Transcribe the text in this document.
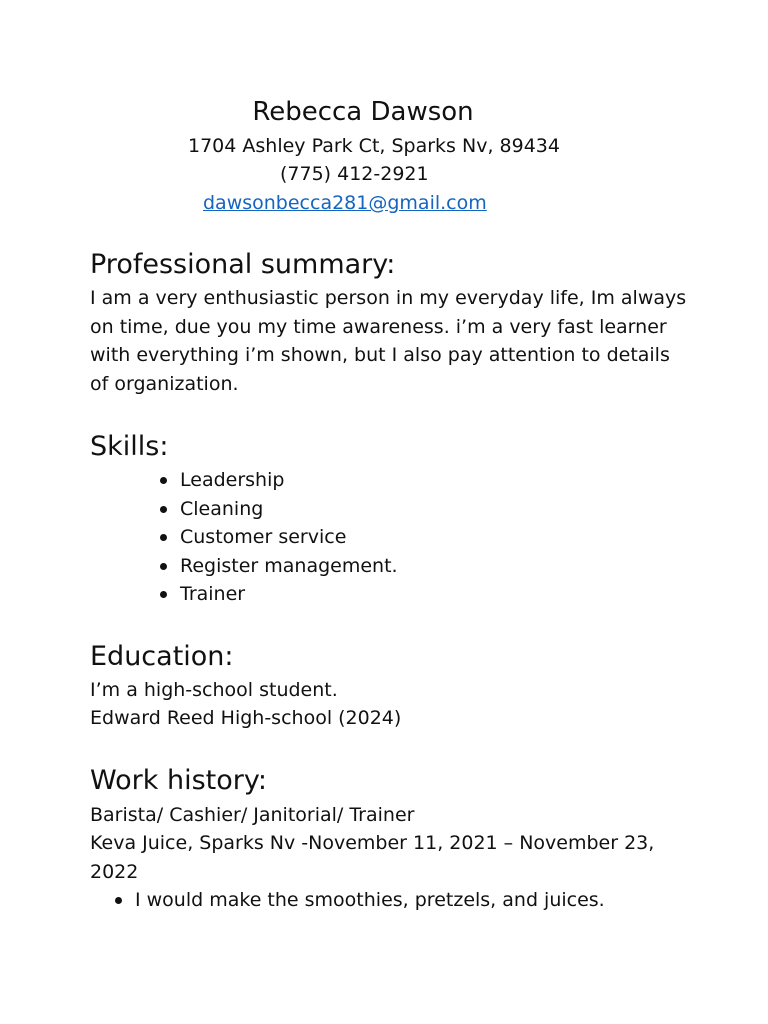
Rebecca Dawson
1704 Ashley Park Ct, Sparks Nv, 89434
(775) 412-2921
dawsonbecca281@gmail.com
Professional summary:
I am a very enthusiastic person in my everyday life, Im always on time, due you my time awareness. i’m a very fast learner with everything i’m shown, but I also pay attention to details of organization.
Skills:
Leadership
Cleaning
Customer service
Register management.
Trainer
Education:
I’m a high-school student.
Edward Reed High-school (2024)
Work history:
Barista/ Cashier/ Janitorial/ Trainer
Keva Juice, Sparks Nv -November 11, 2021 – November 23, 2022
I would make the smoothies, pretzels, and juices.
